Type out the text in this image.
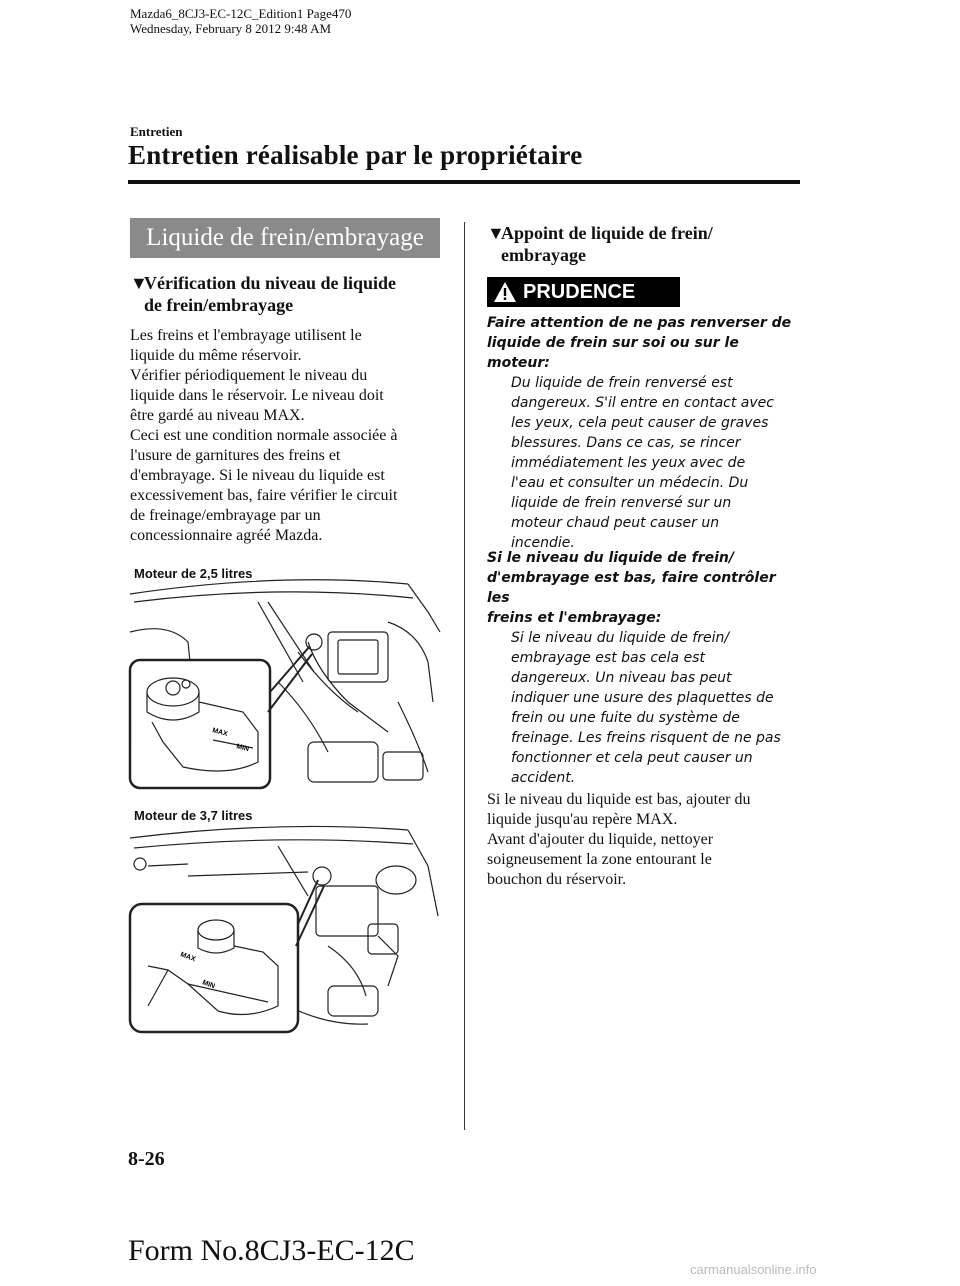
Mazda6_8CJ3-EC-12C_Edition1 Page470
Wednesday, February 8 2012 9:48 AM
Entretien
Entretien réalisable par le propriétaire
Liquide de frein/embrayage
▼Vérification du niveau de liquide
de frein/embrayage
Les freins et l'embrayage utilisent le
liquide du même réservoir.
Vérifier périodiquement le niveau du
liquide dans le réservoir. Le niveau doit
être gardé au niveau MAX.
Ceci est une condition normale associée à
l'usure de garnitures des freins et
d'embrayage. Si le niveau du liquide est
excessivement bas, faire vérifier le circuit
de freinage/embrayage par un
concessionnaire agréé Mazda.
MAX
MIN
Moteur de 2,5 litres
MAX
MIN
Moteur de 3,7 litres
▼Appoint de liquide de frein/
embrayage
PRUDENCE
Faire attention de ne pas renverser de
liquide de frein sur soi ou sur le moteur:
Du liquide de frein renversé est
dangereux. S'il entre en contact avec
les yeux, cela peut causer de graves
blessures. Dans ce cas, se rincer
immédiatement les yeux avec de
l'eau et consulter un médecin. Du
liquide de frein renversé sur un
moteur chaud peut causer un
incendie.
Si le niveau du liquide de frein/
d'embrayage est bas, faire contrôler les
freins et l'embrayage:
Si le niveau du liquide de frein/
embrayage est bas cela est
dangereux. Un niveau bas peut
indiquer une usure des plaquettes de
frein ou une fuite du système de
freinage. Les freins risquent de ne pas
fonctionner et cela peut causer un
accident.
Si le niveau du liquide est bas, ajouter du
liquide jusqu'au repère MAX.
Avant d'ajouter du liquide, nettoyer
soigneusement la zone entourant le
bouchon du réservoir.
8-26
Form No.8CJ3-EC-12C
carmanualsonline.info
